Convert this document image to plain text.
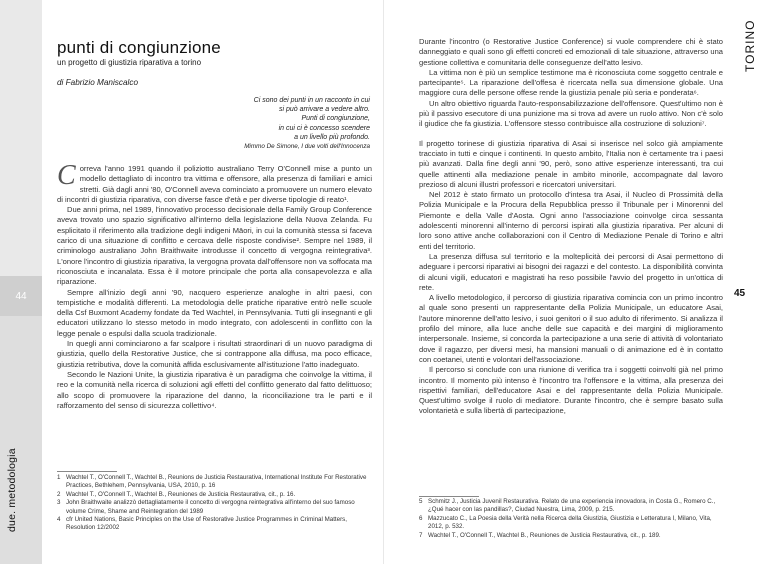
44
due. metodologia
punti di congiunzione
un progetto di giustizia riparativa a torino
di Fabrizio Maniscalco
Ci sono dei punti in un racconto in cui
si può arrivare a vedere altro.
Punti di congiunzione,
in cui ci è concesso scendere
a un livello più profondo.
Mimmo De Simone, I due volti dell'Innocenza

Correva l'anno 1991 quando il poliziotto australiano Terry O'Connell mise a punto un modello dettagliato di incontro tra vittima e offensore, alla presenza di familiari e amici stretti. Già dagli anni '80, O'Connell aveva cominciato a promuovere un numero elevato di incontri di giustizia riparativa, con diverse fasce d'età e per diverse tipologie di reato¹.

Due anni prima, nel 1989, l'innovativo processo decisionale della Family Group Conference aveva trovato uno spazio significativo all'interno della legislazione della Nuova Zelanda. Fu esplicitato il riferimento alla tradizione degli indigeni Māori, in cui la comunità stessa si faceva carico di una situazione di conflitto e cercava delle risposte condivise². Sempre nel 1989, il criminologo australiano John Braithwaite introdusse il concetto di vergogna reintegrativa³. L'onore l'incontro di giustizia riparativa, la vergogna provata dall'offensore non va soffocata ma riconosciuta e incanalata. Essa è il motore principale che porta alla consapevolezza e alla riparazione.

Sempre all'inizio degli anni '90, nacquero esperienze analoghe in altri paesi, con tempistiche e modalità differenti. La metodologia delle pratiche riparative entrò nelle scuole della Csf Buxmont Academy fondate da Ted Wachtel, in Pennsylvania. Tutti gli insegnanti e gli educatori utilizzano lo stesso metodo in modo integrato, con adolescenti in conflitto con la legge penale o espulsi dalla scuola tradizionale.

In quegli anni cominciarono a far scalpore i risultati straordinari di un nuovo paradigma di giustizia, quello della Restorative Justice, che si contrappone alla diffusa, ma poco efficace, giustizia retributiva, dove la comunità affida esclusivamente all'istituzione l'atto inadeguato.

Secondo le Nazioni Unite, la giustizia riparativa è un paradigma che coinvolge la vittima, il reo e la comunità nella ricerca di soluzioni agli effetti del conflitto generato dal fatto delittuoso; allo scopo di promuovere la riparazione del danno, la riconciliazione tra le parti e il rafforzamento del senso di sicurezza collettivo⁴.

1 Wachtel T., O'Connell T., Wachtel B., Reunions de Justicia Restaurativa, International Institute For Restorative Practices, Bethlehem, Pennsylvania, USA, 2010, p. 16
2 Wachtel T., O'Connell T., Wachtel B., Reuniones de Justicia Restaurativa, cit., p. 16.
3 John Braithwaite analizzò dettagliatamente il concetto di vergogna reintegrativa all'interno del suo famoso volume Crime, Shame and Reintegration del 1989
4 cfr United Nations, Basic Principles on the Use of Restorative Justice Programmes in Criminal Matters, Resolution 12/2002

Durante l'incontro (o Restorative Justice Conference) si vuole comprendere chi è stato danneggiato e quali sono gli effetti concreti ed emozionali di tale situazione, attraverso una gestione collettiva e comunitaria delle conseguenze dell'atto lesivo.

La vittima non è più un semplice testimone ma è riconosciuta come soggetto centrale e partecipante⁵. La riparazione dell'offesa è ricercata nella sua dimensione globale. Una maggiore cura delle persone offese rende la giustizia penale più seria e ponderata⁶.

Un altro obiettivo riguarda l'auto-responsabilizzazione dell'offensore. Quest'ultimo non è più il passivo esecutore di una punizione ma si trova ad avere un ruolo attivo. Non c'è solo il giudice che fa giustizia. L'offensore stesso contribuisce alla costruzione di soluzioni⁷.

Il progetto torinese di giustizia riparativa di Asai si inserisce nel solco già ampiamente tracciato in tutti e cinque i continenti. In questo ambito, l'Italia non è certamente tra i paesi più avanzati. Dalla fine degli anni '90, però, sono attive esperienze interessanti, tra cui quelle attinenti alla mediazione penale in ambito minorile, accompagnate dal lavoro prezioso di alcuni illustri professori e ricercatori universitari.

Nel 2012 è stato firmato un protocollo d'intesa tra Asai, il Nucleo di Prossimità della Polizia Municipale e la Procura della Repubblica presso il Tribunale per i Minorenni del Piemonte e della Valle d'Aosta. Ogni anno l'associazione coinvolge circa sessanta adolescenti minorenni all'interno di percorsi ispirati alla giustizia riparativa. Per alcuni di loro sono attive anche collaborazioni con il Centro di Mediazione Penale di Torino e altri enti del territorio.

La presenza diffusa sul territorio e la molteplicità dei percorsi di Asai permettono di adeguare i percorsi riparativi ai bisogni dei ragazzi e del contesto. La disponibilità convinta di alcuni vigili, educatori e magistrati ha reso possibile l'avvio del progetto in un'ottica di rete.

A livello metodologico, il percorso di giustizia riparativa comincia con un primo incontro al quale sono presenti un rappresentante della Polizia Municipale, un educatore Asai, l'autore minorenne dell'atto lesivo, i suoi genitori o il suo adulto di riferimento. Si analizza il profilo del minore, alla luce anche delle sue capacità e dei margini di miglioramento interpersonale. Insieme, si concorda la partecipazione a una serie di attività di volontariato dove il ragazzo, per diversi mesi, ha mansioni manuali o di animazione ed è in contatto con coetanei, utenti e volontari dell'associazione.

Il percorso si conclude con una riunione di verifica tra i soggetti coinvolti già nel primo incontro. Il momento più intenso è l'incontro tra l'offensore e la vittima, alla presenza dei rispettivi familiari, dell'educatore Asai e del rappresentante della Polizia Municipale. Quest'ultimo svolge il ruolo di mediatore. Durante l'incontro, che è sempre basato sulla volontarietà e sulla libertà di partecipazione,

TORINO
45
5 Schmitz J., Justicia Juvenil Restaurativa. Relato de una experiencia innovadora, in Costa G., Romero C., ¿Qué hacer con las pandillas?, Ciudad Nuestra, Lima, 2009, p. 215.
6 Mazzucato C., La Poesia della Verità nella Ricerca della Giustizia, Giustizia e Letteratura I, Milano, Vita, 2012, p. 532.
7 Wachtel T., O'Connell T., Wachtel B., Reuniones de Justicia Restaurativa, cit., p. 189.
